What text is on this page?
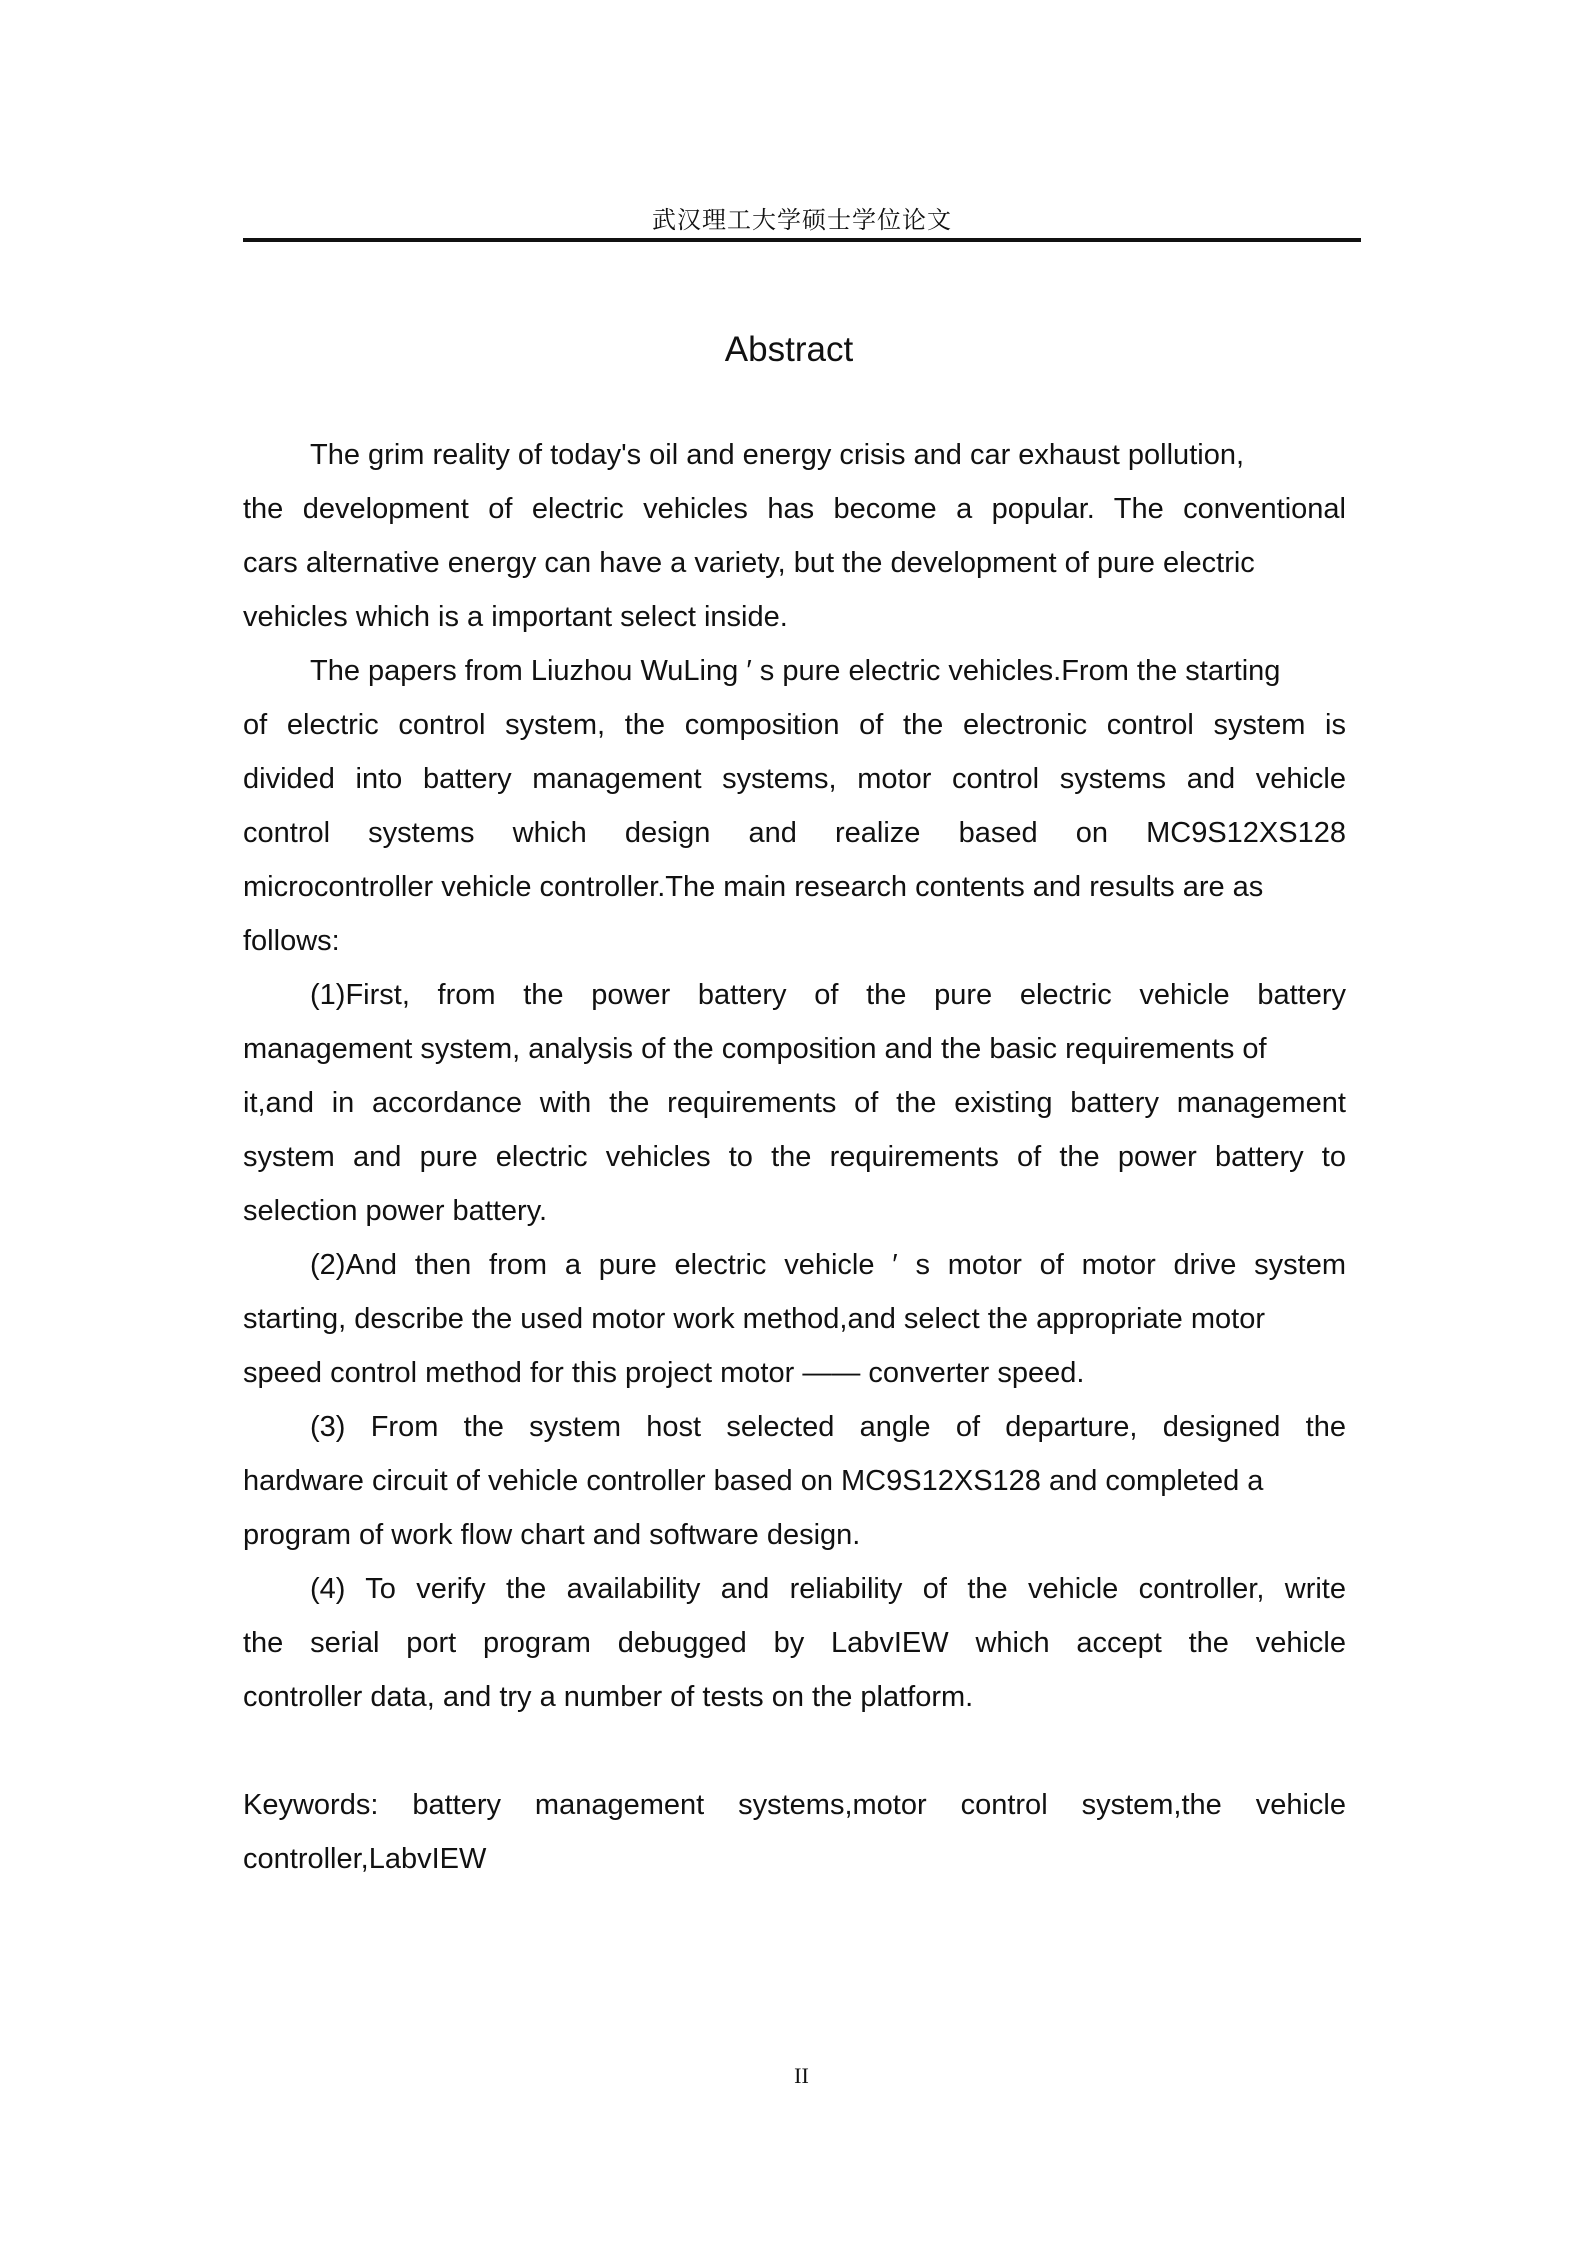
武汉理工大学硕士学位论文
Abstract
The grim reality of today's oil and energy crisis and car exhaust pollution,
the development of electric vehicles has become a popular. The conventional
cars alternative energy can have a variety, but the development of pure electric
vehicles which is a important select inside.
The papers from Liuzhou WuLing ′ s pure electric vehicles.From the starting
of electric control system, the composition of the electronic control system is
divided into battery management systems, motor control systems and vehicle
control systems which design and realize based on MC9S12XS128
microcontroller vehicle controller.The main research contents and results are as
follows:
(1)First, from the power battery of the pure electric vehicle battery
management system, analysis of the composition and the basic requirements of
it,and in accordance with the requirements of the existing battery management
system and pure electric vehicles to the requirements of the power battery to
selection power battery.
(2)And then from a pure electric vehicle ′ s motor of motor drive system
starting, describe the used motor work method,and select the appropriate motor
speed control method for this project motor —— converter speed.
(3) From the system host selected angle of departure, designed the
hardware circuit of vehicle controller based on MC9S12XS128 and completed a
program of work flow chart and software design.
(4) To verify the availability and reliability of the vehicle controller, write
the serial port program debugged by LabvIEW which accept the vehicle
controller data, and try a number of tests on the platform.
Keywords: battery management systems,motor control system,the vehicle
controller,LabvIEW
II
